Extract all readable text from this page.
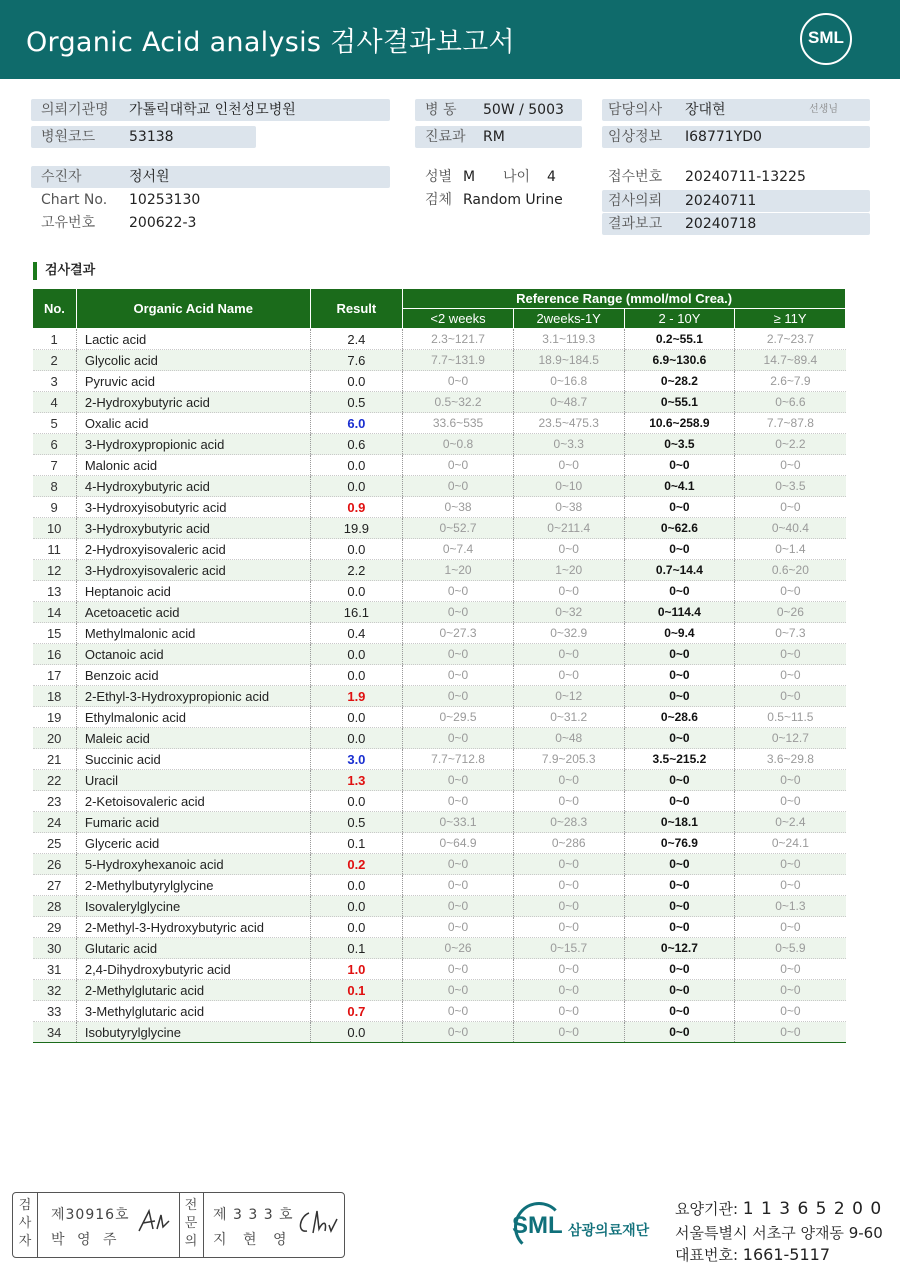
Organic Acid analysis 검사결과보고서	SML
의뢰기관명 가톨릭대학교 인천성모병원	병 동 50W / 5003	담당의사 장대현	선생님
병원코드 53138	진료과 RM	임상정보 I68771YD0
수진자	정서원
Chart No. 10253130
고유번호 200622-3
성별 M 나이 4
검체 Random Urine
접수번호 20240711-13225
검사의뢰 20240711
결과보고 20240718
검사결과
No.	Organic Acid Name	Result	Reference Range (mmol/mol Crea.)			
			<2 weeks	2weeks-1Y	2 - 10Y	≥ 11Y
1	Lactic acid	2.4	2.3~121.7	3.1~119.3	0.2~55.1	2.7~23.7
2	Glycolic acid	7.6	7.7~131.9	18.9~184.5	6.9~130.6	14.7~89.4
3	Pyruvic acid	0.0	0~0	0~16.8	0~28.2	2.6~7.9
4	2-Hydroxybutyric acid	0.5	0.5~32.2	0~48.7	0~55.1	0~6.6
5	Oxalic acid	6.0	33.6~535	23.5~475.3	10.6~258.9	7.7~87.8
6	3-Hydroxypropionic acid	0.6	0~0.8	0~3.3	0~3.5	0~2.2
7	Malonic acid	0.0	0~0	0~0	0~0	0~0
8	4-Hydroxybutyric acid	0.0	0~0	0~10	0~4.1	0~3.5
9	3-Hydroxyisobutyric acid	0.9	0~38	0~38	0~0	0~0
10	3-Hydroxybutyric acid	19.9	0~52.7	0~211.4	0~62.6	0~40.4
11	2-Hydroxyisovaleric acid	0.0	0~7.4	0~0	0~0	0~1.4
12	3-Hydroxyisovaleric acid	2.2	1~20	1~20	0.7~14.4	0.6~20
13	Heptanoic acid	0.0	0~0	0~0	0~0	0~0
14	Acetoacetic acid	16.1	0~0	0~32	0~114.4	0~26
15	Methylmalonic acid	0.4	0~27.3	0~32.9	0~9.4	0~7.3
16	Octanoic acid	0.0	0~0	0~0	0~0	0~0
17	Benzoic acid	0.0	0~0	0~0	0~0	0~0
18	2-Ethyl-3-Hydroxypropionic acid	1.9	0~0	0~12	0~0	0~0
19	Ethylmalonic acid	0.0	0~29.5	0~31.2	0~28.6	0.5~11.5
20	Maleic acid	0.0	0~0	0~48	0~0	0~12.7
21	Succinic acid	3.0	7.7~712.8	7.9~205.3	3.5~215.2	3.6~29.8
22	Uracil	1.3	0~0	0~0	0~0	0~0
23	2-Ketoisovaleric acid	0.0	0~0	0~0	0~0	0~0
24	Fumaric acid	0.5	0~33.1	0~28.3	0~18.1	0~2.4
25	Glyceric acid	0.1	0~64.9	0~286	0~76.9	0~24.1
26	5-Hydroxyhexanoic acid	0.2	0~0	0~0	0~0	0~0
27	2-Methylbutyrylglycine	0.0	0~0	0~0	0~0	0~0
28	Isovalerylglycine	0.0	0~0	0~0	0~0	0~1.3
29	2-Methyl-3-Hydroxybutyric acid	0.0	0~0	0~0	0~0	0~0
30	Glutaric acid	0.1	0~26	0~15.7	0~12.7	0~5.9
31	2,4-Dihydroxybutyric acid	1.0	0~0	0~0	0~0	0~0
32	2-Methylglutaric acid	0.1	0~0	0~0	0~0	0~0
33	3-Methylglutaric acid	0.7	0~0	0~0	0~0	0~0
34	Isobutyrylglycine	0.0	0~0	0~0	0~0	0~0
검
사
자
제30916호
박 영 주
전
문
의
제 3 3 3 호
지 현 영
SML 삼광의료재단
요양기관: 1 1 3 6 5 2 0 0
서울특별시 서초구 양재동 9-60
대표번호: 1661-5117
